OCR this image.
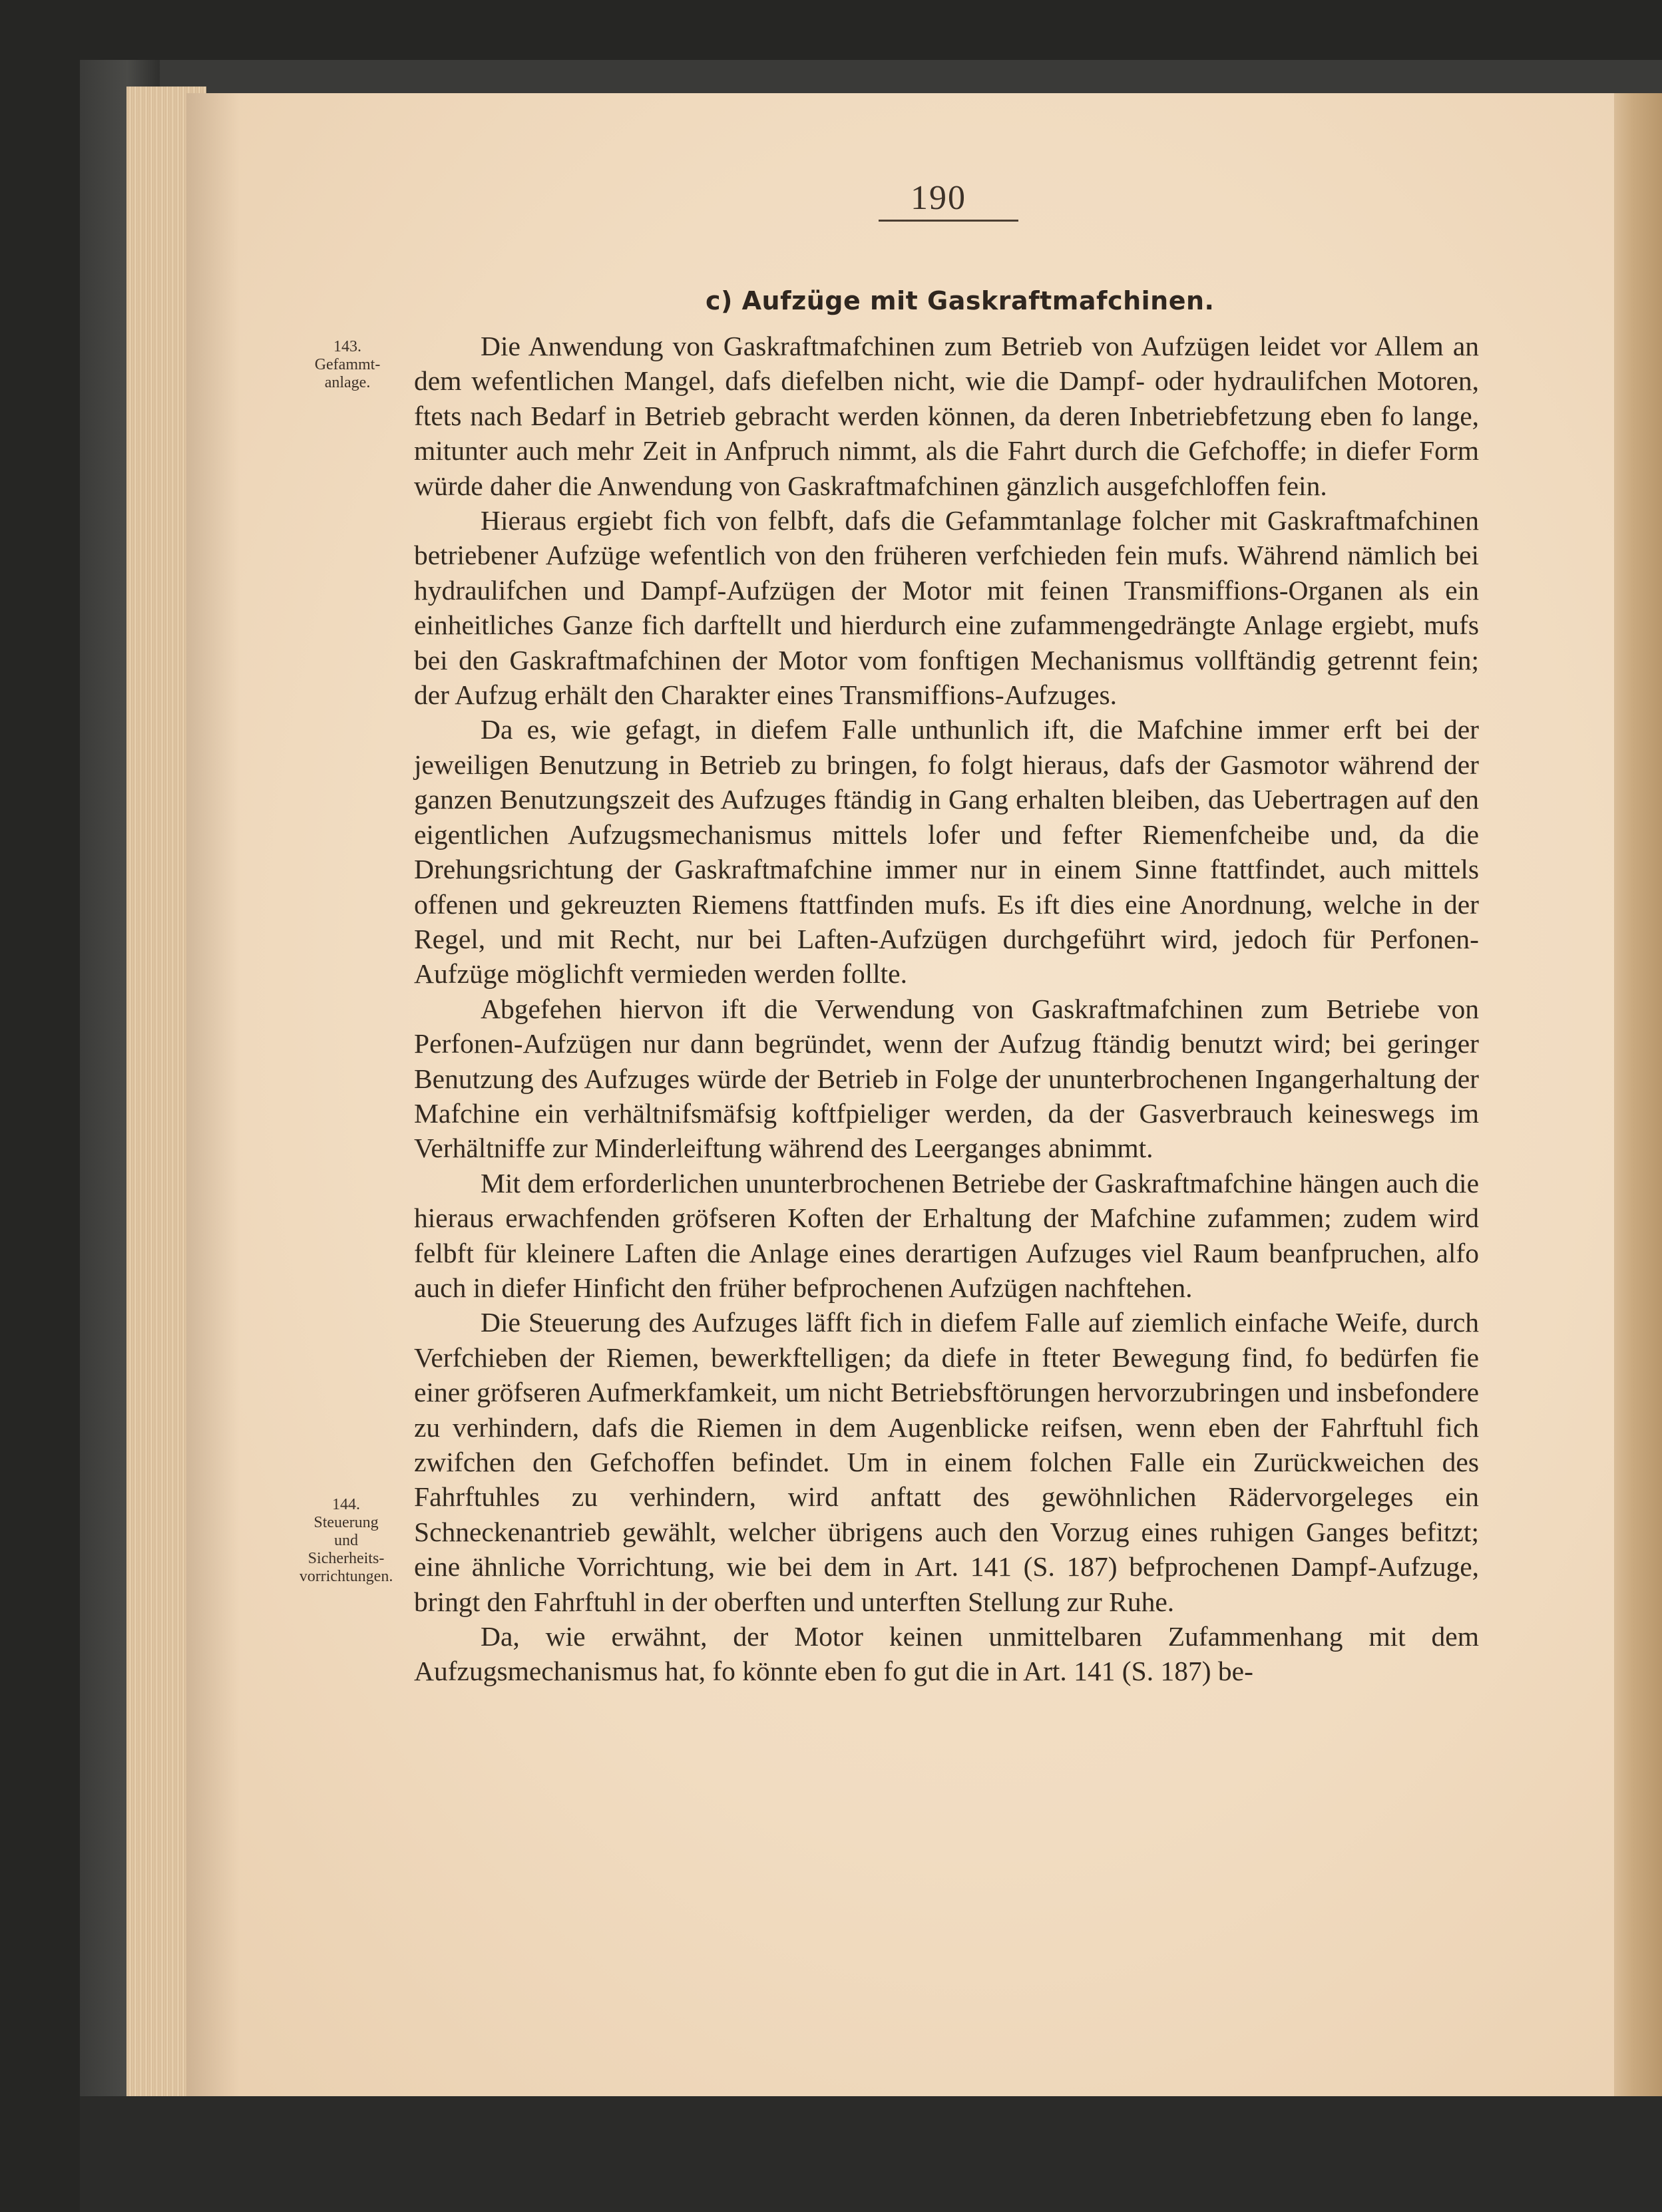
190
c) Aufzüge mit Gaskraftmafchinen.
143.
Gefammt-
anlage.
144.
Steuerung
und
Sicherheits-
vorrichtungen.

Die Anwendung von Gaskraftmafchinen zum Betrieb von Aufzügen leidet vor Allem an dem wefentlichen Mangel, dafs diefelben nicht, wie die Dampf- oder hydraulifchen Motoren, ftets nach Bedarf in Betrieb gebracht werden können, da deren Inbetriebfetzung eben fo lange, mitunter auch mehr Zeit in Anfpruch nimmt, als die Fahrt durch die Gefchoffe; in diefer Form würde daher die Anwendung von Gaskraftmafchinen gänzlich ausgefchloffen fein.

Hieraus ergiebt fich von felbft, dafs die Gefammtanlage folcher mit Gaskraftmafchinen betriebener Aufzüge wefentlich von den früheren verfchieden fein mufs. Während nämlich bei hydraulifchen und Dampf-Aufzügen der Motor mit feinen Transmiffions-Organen als ein einheitliches Ganze fich darftellt und hierdurch eine zufammengedrängte Anlage ergiebt, mufs bei den Gaskraftmafchinen der Motor vom fonftigen Mechanismus vollftändig getrennt fein; der Aufzug erhält den Charakter eines Transmiffions-Aufzuges.

Da es, wie gefagt, in diefem Falle unthunlich ift, die Mafchine immer erft bei der jeweiligen Benutzung in Betrieb zu bringen, fo folgt hieraus, dafs der Gasmotor während der ganzen Benutzungszeit des Aufzuges ftändig in Gang erhalten bleiben, das Uebertragen auf den eigentlichen Aufzugsmechanismus mittels lofer und fefter Riemenfcheibe und, da die Drehungsrichtung der Gaskraftmafchine immer nur in einem Sinne ftattfindet, auch mittels offenen und gekreuzten Riemens ftattfinden mufs. Es ift dies eine Anordnung, welche in der Regel, und mit Recht, nur bei Laften-Aufzügen durchgeführt wird, jedoch für Perfonen-Aufzüge möglichft vermieden werden follte.

Abgefehen hiervon ift die Verwendung von Gaskraftmafchinen zum Betriebe von Perfonen-Aufzügen nur dann begründet, wenn der Aufzug ftändig benutzt wird; bei geringer Benutzung des Aufzuges würde der Betrieb in Folge der ununterbrochenen Ingangerhaltung der Mafchine ein verhältnifsmäfsig koftfpieliger werden, da der Gasverbrauch keineswegs im Verhältniffe zur Minderleiftung während des Leerganges abnimmt.

Mit dem erforderlichen ununterbrochenen Betriebe der Gaskraftmafchine hängen auch die hieraus erwachfenden gröfseren Koften der Erhaltung der Mafchine zufammen; zudem wird felbft für kleinere Laften die Anlage eines derartigen Aufzuges viel Raum beanfpruchen, alfo auch in diefer Hinficht den früher befprochenen Aufzügen nachftehen.

Die Steuerung des Aufzuges läfft fich in diefem Falle auf ziemlich einfache Weife, durch Verfchieben der Riemen, bewerkftelligen; da diefe in fteter Bewegung find, fo bedürfen fie einer gröfseren Aufmerkfamkeit, um nicht Betriebsftörungen hervorzubringen und insbefondere zu verhindern, dafs die Riemen in dem Augenblicke reifsen, wenn eben der Fahrftuhl fich zwifchen den Gefchoffen befindet. Um in einem folchen Falle ein Zurückweichen des Fahrftuhles zu verhindern, wird anftatt des gewöhnlichen Rädervorgeleges ein Schneckenantrieb gewählt, welcher übrigens auch den Vorzug eines ruhigen Ganges befitzt; eine ähnliche Vorrichtung, wie bei dem in Art. 141 (S. 187) befprochenen Dampf-Aufzuge, bringt den Fahrftuhl in der oberften und unterften Stellung zur Ruhe.

Da, wie erwähnt, der Motor keinen unmittelbaren Zufammenhang mit dem Aufzugsmechanismus hat, fo könnte eben fo gut die in Art. 141 (S. 187) be-
